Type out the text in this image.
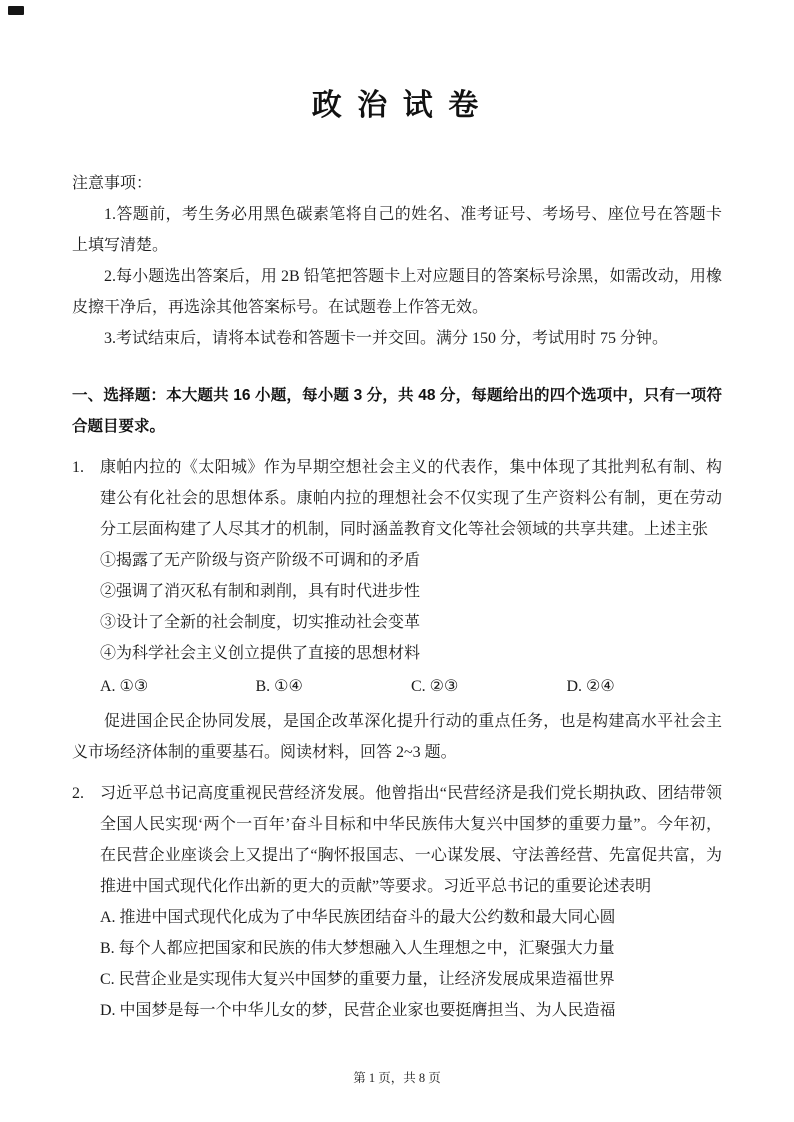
政 治 试 卷
注意事项：

1.答题前，考生务必用黑色碳素笔将自己的姓名、准考证号、考场号、座位号在答题卡上填写清楚。

2.每小题选出答案后，用 2B 铅笔把答题卡上对应题目的答案标号涂黑，如需改动，用橡皮擦干净后，再选涂其他答案标号。在试题卷上作答无效。

3.考试结束后，请将本试卷和答题卡一并交回。满分 150 分，考试用时 75 分钟。

一、选择题：本大题共 16 小题，每小题 3 分，共 48 分，每题给出的四个选项中，只有一项符合题目要求。

1.	康帕内拉的《太阳城》作为早期空想社会主义的代表作，集中体现了其批判私有制、构建公有化社会的思想体系。康帕内拉的理想社会不仅实现了生产资料公有制，更在劳动分工层面构建了人尽其才的机制，同时涵盖教育文化等社会领域的共享共建。上述主张

①揭露了无产阶级与资产阶级不可调和的矛盾

②强调了消灭私有制和剥削，具有时代进步性

③设计了全新的社会制度，切实推动社会变革

④为科学社会主义创立提供了直接的思想材料

A. ①③	B. ①④	C. ②③	D. ②④

促进国企民企协同发展，是国企改革深化提升行动的重点任务，也是构建高水平社会主义市场经济体制的重要基石。阅读材料，回答 2~3 题。

2.	习近平总书记高度重视民营经济发展。他曾指出“民营经济是我们党长期执政、团结带领全国人民实现‘两个一百年’奋斗目标和中华民族伟大复兴中国梦的重要力量”。今年初，在民营企业座谈会上又提出了“胸怀报国志、一心谋发展、守法善经营、先富促共富，为推进中国式现代化作出新的更大的贡献”等要求。习近平总书记的重要论述表明

A. 推进中国式现代化成为了中华民族团结奋斗的最大公约数和最大同心圆

B. 每个人都应把国家和民族的伟大梦想融入人生理想之中，汇聚强大力量

C. 民营企业是实现伟大复兴中国梦的重要力量，让经济发展成果造福世界

D. 中国梦是每一个中华儿女的梦，民营企业家也要挺膺担当、为人民造福

第 1 页，共 8 页
